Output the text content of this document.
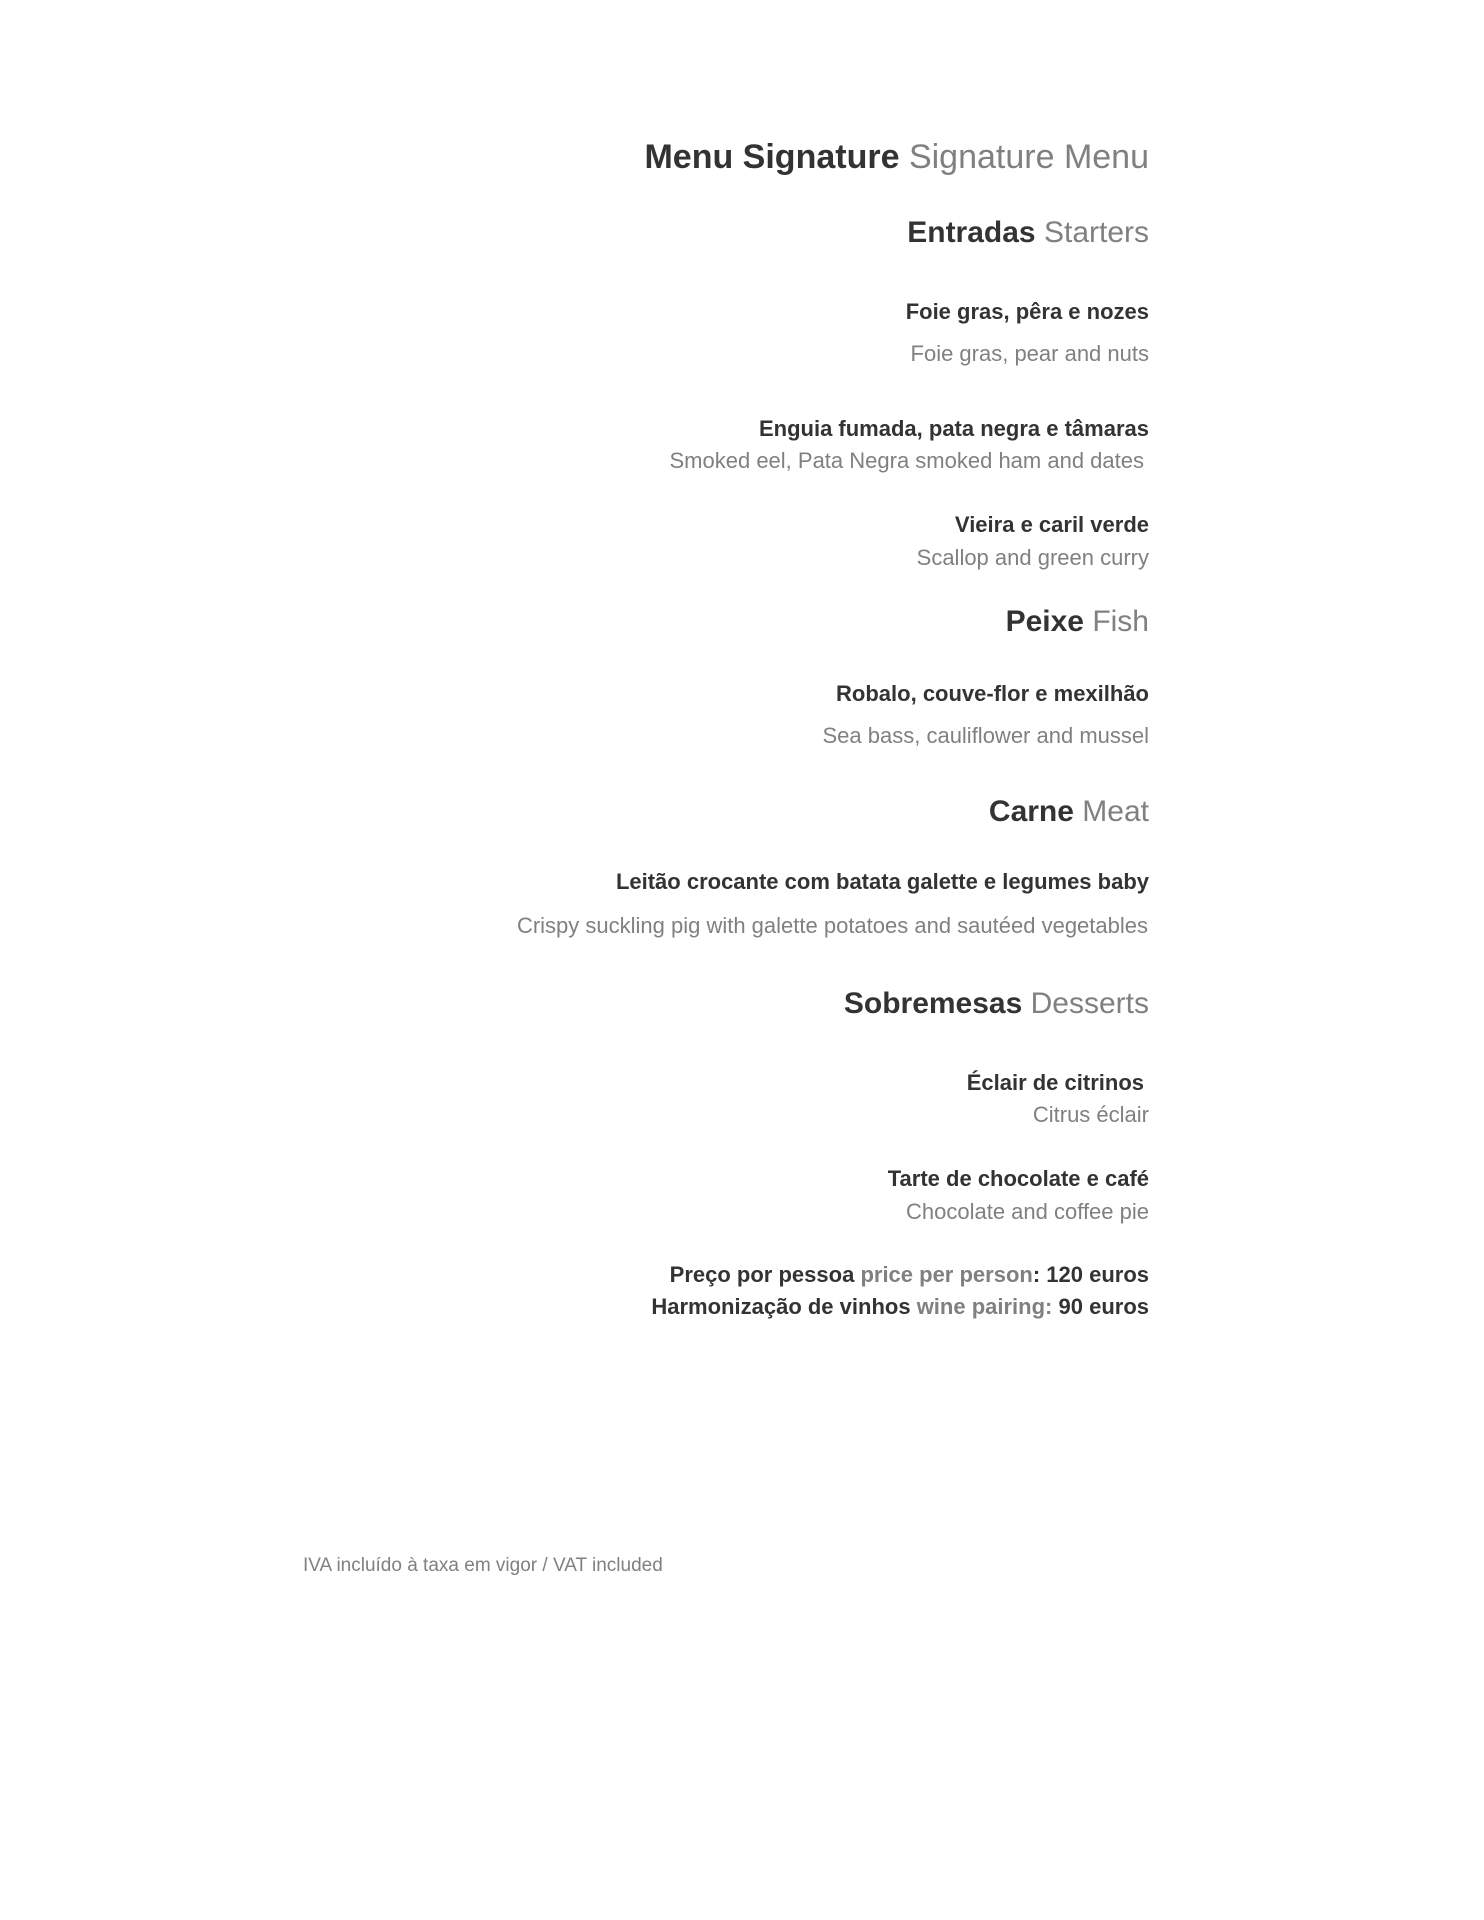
Menu Signature Signature Menu
Entradas Starters
Foie gras, pêra e nozes
Foie gras, pear and nuts
Enguia fumada, pata negra e tâmaras
Smoked eel, Pata Negra smoked ham and dates
Vieira e caril verde
Scallop and green curry
Peixe Fish
Robalo, couve-flor e mexilhão
Sea bass, cauliflower and mussel
Carne Meat
Leitão crocante com batata galette e legumes baby
Crispy suckling pig with galette potatoes and sautéed vegetables
Sobremesas Desserts
Éclair de citrinos
Citrus éclair
Tarte de chocolate e café
Chocolate and coffee pie
Preço por pessoa price per person: 120 euros
Harmonização de vinhos wine pairing: 90 euros
IVA incluído à taxa em vigor / VAT included
